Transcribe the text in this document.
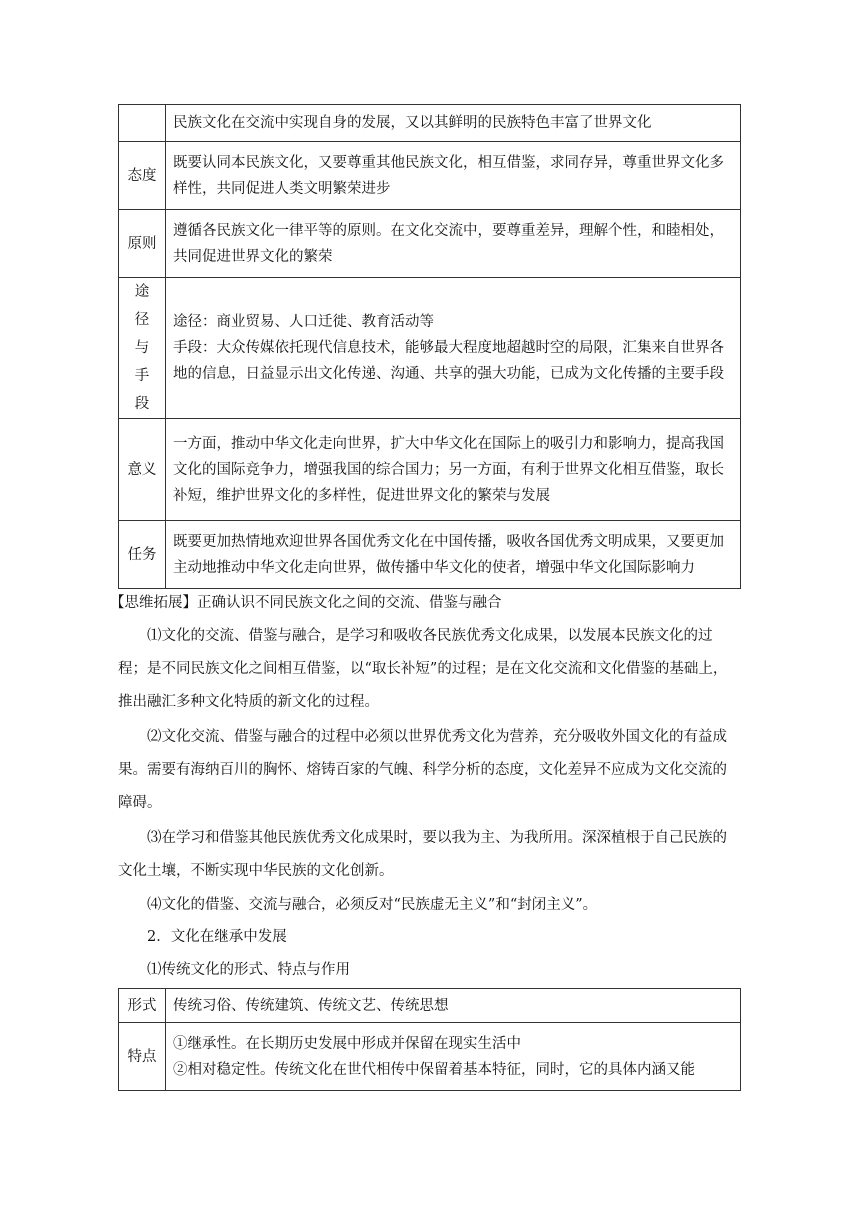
	民族文化在交流中实现自身的发展，又以其鲜明的民族特色丰富了世界文化

态度	既要认同本民族文化，又要尊重其他民族文化，相互借鉴，求同存异，尊重世界文化多样性，共同促进人类文明繁荣进步

原则	遵循各民族文化一律平等的原则。在文化交流中，要尊重差异，理解个性，和睦相处，共同促进世界文化的繁荣

途径与手段	途径：商业贸易、人口迁徙、教育活动等

手段：大众传媒依托现代信息技术，能够最大程度地超越时空的局限，汇集来自世界各地的信息，日益显示出文化传递、沟通、共享的强大功能，已成为文化传播的主要手段

意义	一方面，推动中华文化走向世界，扩大中华文化在国际上的吸引力和影响力，提高我国文化的国际竞争力，增强我国的综合国力；另一方面，有利于世界文化相互借鉴，取长补短，维护世界文化的多样性，促进世界文化的繁荣与发展

任务	既要更加热情地欢迎世界各国优秀文化在中国传播，吸收各国优秀文明成果，又要更加主动地推动中华文化走向世界，做传播中华文化的使者，增强中华文化国际影响力

【思维拓展】正确认识不同民族文化之间的交流、借鉴与融合

⑴文化的交流、借鉴与融合，是学习和吸收各民族优秀文化成果，以发展本民族文化的过程；是不同民族文化之间相互借鉴，以“取长补短”的过程；是在文化交流和文化借鉴的基础上，推出融汇多种文化特质的新文化的过程。

⑵文化交流、借鉴与融合的过程中必须以世界优秀文化为营养，充分吸收外国文化的有益成果。需要有海纳百川的胸怀、熔铸百家的气魄、科学分析的态度，文化差异不应成为文化交流的障碍。

⑶在学习和借鉴其他民族优秀文化成果时，要以我为主、为我所用。深深植根于自己民族的文化土壤，不断实现中华民族的文化创新。

⑷文化的借鉴、交流与融合，必须反对“民族虚无主义”和“封闭主义”。

2．文化在继承中发展

⑴传统文化的形式、特点与作用

形式	传统习俗、传统建筑、传统文艺、传统思想

特点	①继承性。在长期历史发展中形成并保留在现实生活中

②相对稳定性。传统文化在世代相传中保留着基本特征，同时，它的具体内涵又能
